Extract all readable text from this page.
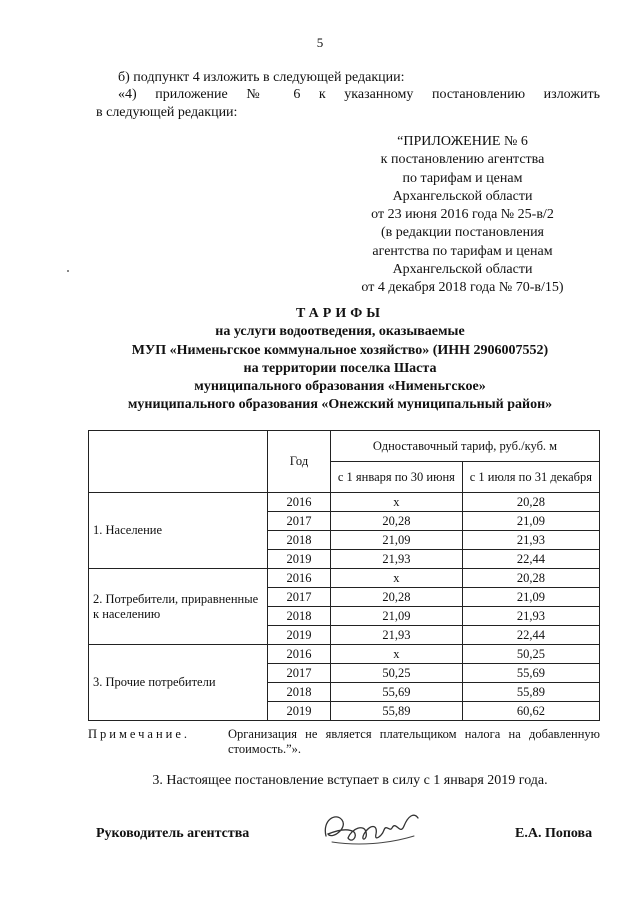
5
б) подпункт 4 изложить в следующей редакции:
«4) приложение № 6 к указанному постановлению изложить
в следующей редакции:
“ПРИЛОЖЕНИЕ № 6
к постановлению агентства
по тарифам и ценам
Архангельской области
от 23 июня 2016 года № 25-в/2
(в редакции постановления
агентства по тарифам и ценам
Архангельской области
от 4 декабря 2018 года № 70-в/15)
ТАРИФЫ
на услуги водоотведения, оказываемые
МУП «Нименьгское коммунальное хозяйство» (ИНН 2906007552)
на территории поселка Шаста
муниципального образования «Нименьгское»
муниципального образования «Онежский муниципальный район»
	Год	Одноставочный тариф, руб./куб. м	
		с 1 января по 30 июня	с 1 июля по 31 декабря
1. Население	2016	х	20,28
	2017	20,28	21,09
	2018	21,09	21,93
	2019	21,93	22,44
2. Потребители, приравненные к населению	2016	х	20,28
	2017	20,28	21,09
	2018	21,09	21,93
	2019	21,93	22,44
3. Прочие потребители	2016	х	50,25
	2017	50,25	55,69
	2018	55,69	55,89
	2019	55,89	60,62
Примечание.	Организация не является плательщиком налога на добавленную стоимость.”».
3. Настоящее постановление вступает в силу с 1 января 2019 года.
Руководитель агентства	Е.А. Попова
